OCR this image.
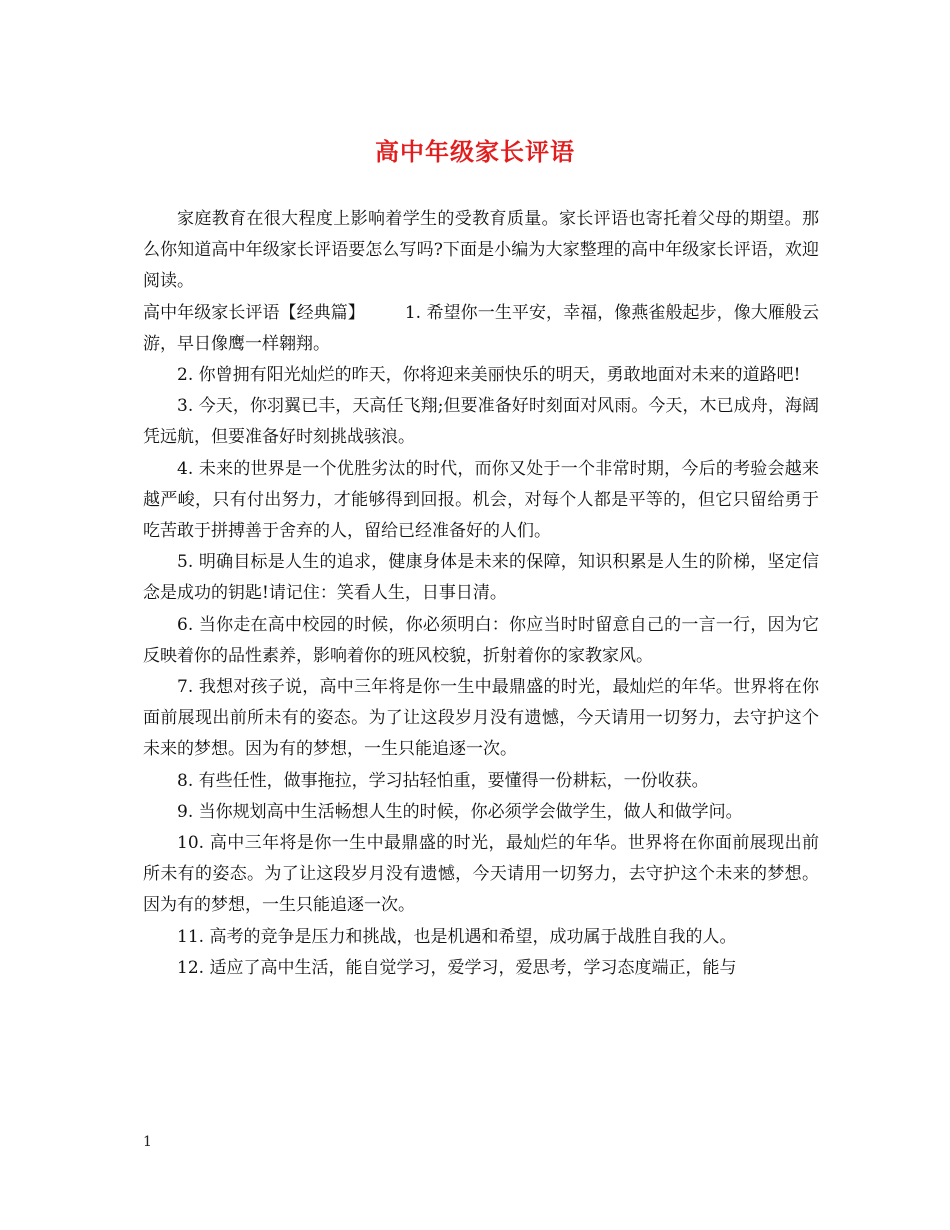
高中年级家长评语

家庭教育在很大程度上影响着学生的受教育质量。家长评语也寄托着父母的期望。那么你知道高中年级家长评语要怎么写吗?下面是小编为大家整理的高中年级家长评语，欢迎阅读。

高中年级家长评语【经典篇】 1. 希望你一生平安，幸福，像燕雀般起步，像大雁般云游，早日像鹰一样翱翔。

2. 你曾拥有阳光灿烂的昨天，你将迎来美丽快乐的明天，勇敢地面对未来的道路吧!

3. 今天，你羽翼已丰，天高任飞翔;但要准备好时刻面对风雨。今天，木已成舟，海阔凭远航，但要准备好时刻挑战骇浪。

4. 未来的世界是一个优胜劣汰的时代，而你又处于一个非常时期，今后的考验会越来越严峻，只有付出努力，才能够得到回报。机会，对每个人都是平等的，但它只留给勇于吃苦敢于拼搏善于舍弃的人，留给已经准备好的人们。

5. 明确目标是人生的追求，健康身体是未来的保障，知识积累是人生的阶梯，坚定信念是成功的钥匙!请记住：笑看人生，日事日清。

6. 当你走在高中校园的时候，你必须明白：你应当时时留意自己的一言一行，因为它反映着你的品性素养，影响着你的班风校貌，折射着你的家教家风。

7. 我想对孩子说，高中三年将是你一生中最鼎盛的时光，最灿烂的年华。世界将在你面前展现出前所未有的姿态。为了让这段岁月没有遗憾，今天请用一切努力，去守护这个未来的梦想。因为有的梦想，一生只能追逐一次。

8. 有些任性，做事拖拉，学习拈轻怕重，要懂得一份耕耘，一份收获。

9. 当你规划高中生活畅想人生的时候，你必须学会做学生，做人和做学问。

10. 高中三年将是你一生中最鼎盛的时光，最灿烂的年华。世界将在你面前展现出前所未有的姿态。为了让这段岁月没有遗憾，今天请用一切努力，去守护这个未来的梦想。因为有的梦想，一生只能追逐一次。

11. 高考的竞争是压力和挑战，也是机遇和希望，成功属于战胜自我的人。

12. 适应了高中生活，能自觉学习，爱学习，爱思考，学习态度端正，能与

1
